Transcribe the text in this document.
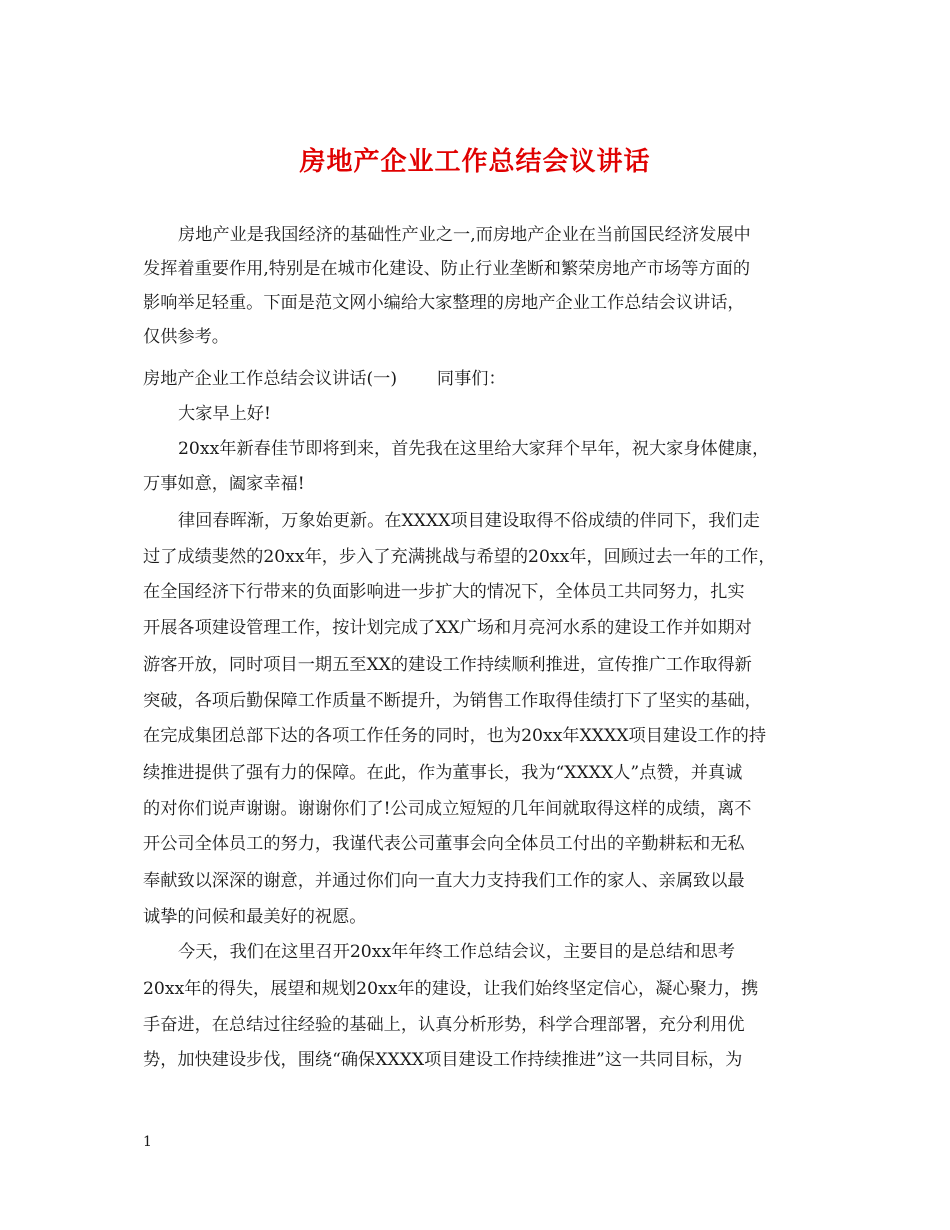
房地产企业工作总结会议讲话
房地产业是我国经济的基础性产业之一,而房地产企业在当前国民经济发展中
发挥着重要作用,特别是在城市化建设、防止行业垄断和繁荣房地产市场等方面的
影响举足轻重。下面是范文网小编给大家整理的房地产企业工作总结会议讲话，
仅供参考。
房地产企业工作总结会议讲话(一)　　 同事们：
大家早上好!
20xx年新春佳节即将到来，首先我在这里给大家拜个早年，祝大家身体健康，
万事如意，阖家幸福!
律回春晖渐，万象始更新。在XXXX项目建设取得不俗成绩的伴同下，我们走
过了成绩斐然的20xx年，步入了充满挑战与希望的20xx年，回顾过去一年的工作，
在全国经济下行带来的负面影响进一步扩大的情况下，全体员工共同努力，扎实
开展各项建设管理工作，按计划完成了XX广场和月亮河水系的建设工作并如期对
游客开放，同时项目一期五至XX的建设工作持续顺利推进，宣传推广工作取得新
突破，各项后勤保障工作质量不断提升，为销售工作取得佳绩打下了坚实的基础，
在完成集团总部下达的各项工作任务的同时，也为20xx年XXXX项目建设工作的持
续推进提供了强有力的保障。在此，作为董事长，我为“XXXX人”点赞，并真诚
的对你们说声谢谢。谢谢你们了!公司成立短短的几年间就取得这样的成绩，离不
开公司全体员工的努力，我谨代表公司董事会向全体员工付出的辛勤耕耘和无私
奉献致以深深的谢意，并通过你们向一直大力支持我们工作的家人、亲属致以最
诚挚的问候和最美好的祝愿。
今天，我们在这里召开20xx年年终工作总结会议，主要目的是总结和思考
20xx年的得失，展望和规划20xx年的建设，让我们始终坚定信心，凝心聚力，携
手奋进，在总结过往经验的基础上，认真分析形势，科学合理部署，充分利用优
势，加快建设步伐，围绕“确保XXXX项目建设工作持续推进”这一共同目标，为
1
